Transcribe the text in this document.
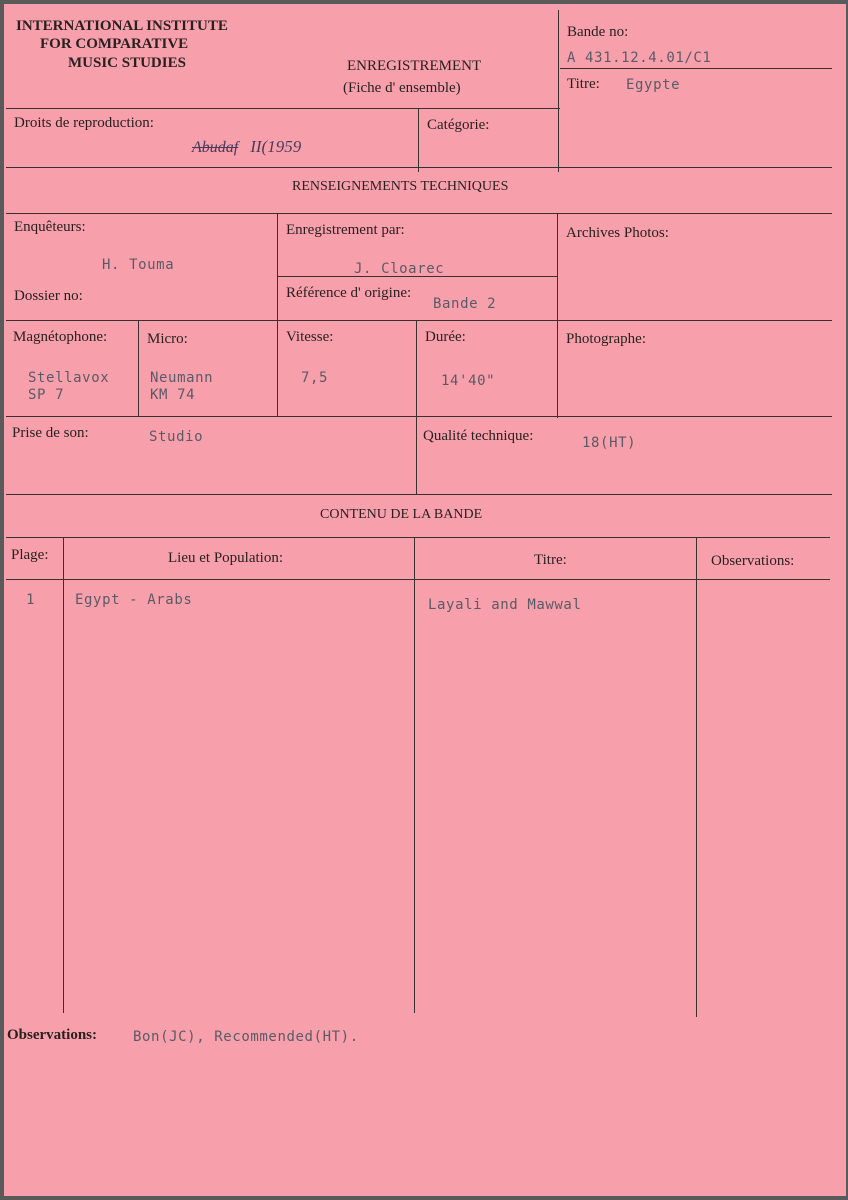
INTERNATIONAL INSTITUTE
FOR COMPARATIVE
MUSIC STUDIES	ENREGISTREMENT
(Fiche d' ensemble)
Bande no:
A 431.12.4.01/C1
Titre: Egypte
Droits de reproduction:
Abudaf II(1959
Catégorie:
RENSEIGNEMENTS TECHNIQUES
Enquêteurs:
H. Touma
Enregistrement par:
J. Cloarec
Archives Photos:
Dossier no:	Référence d' origine:
Bande 2
Magnétophone:
Stellavox
SP 7
Micro:
Neumann
KM 74
Vitesse:
7,5
Durée:
14'40"
Photographe:
Prise de son:	Studio	Qualité technique:	18(HT)
CONTENU DE LA BANDE
Plage:	Lieu et Population:	Titre:	Observations:
1	Egypt - Arabs	Layali and Mawwal
Observations:	Bon(JC), Recommended(HT).
